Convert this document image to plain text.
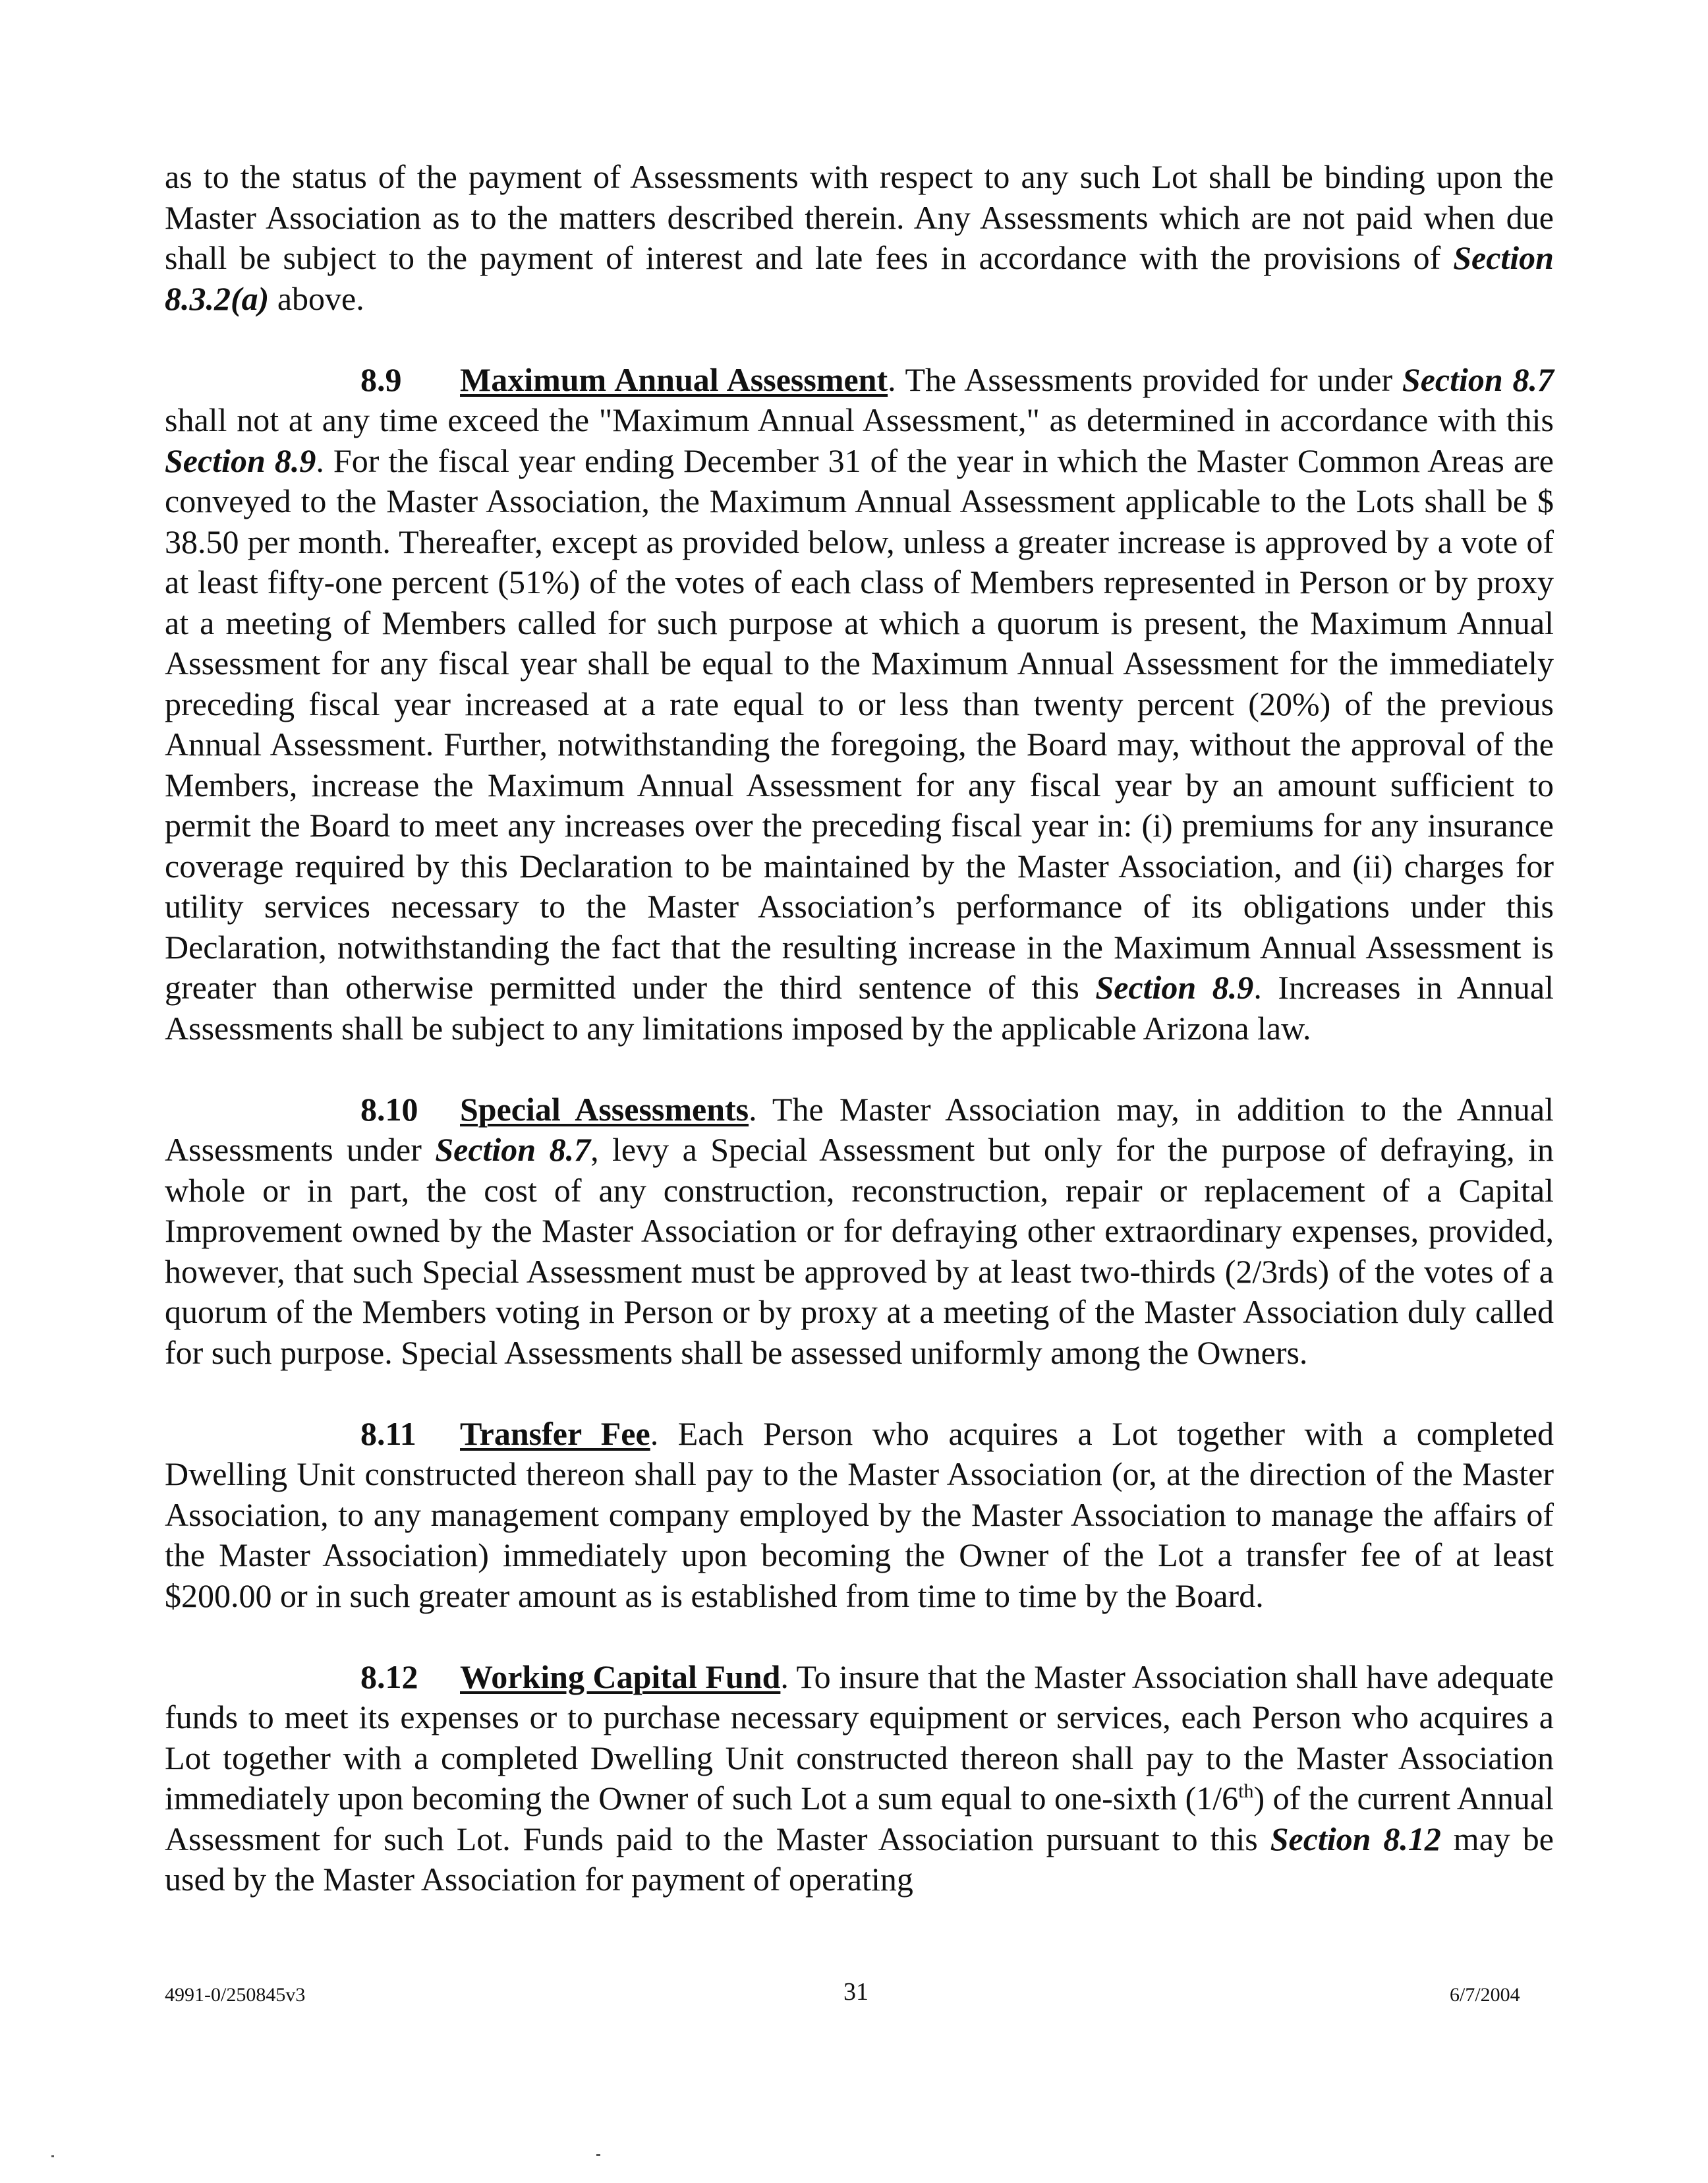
as to the status of the payment of Assessments with respect to any such Lot shall be binding upon the Master Association as to the matters described therein. Any Assessments which are not paid when due shall be subject to the payment of interest and late fees in accordance with the provisions of Section 8.3.2(a) above.

8.9 Maximum Annual Assessment. The Assessments provided for under Section 8.7 shall not at any time exceed the "Maximum Annual Assessment," as determined in accordance with this Section 8.9. For the fiscal year ending December 31 of the year in which the Master Common Areas are conveyed to the Master Association, the Maximum Annual Assessment applicable to the Lots shall be $ 38.50 per month. Thereafter, except as provided below, unless a greater increase is approved by a vote of at least fifty-one percent (51%) of the votes of each class of Members represented in Person or by proxy at a meeting of Members called for such purpose at which a quorum is present, the Maximum Annual Assessment for any fiscal year shall be equal to the Maximum Annual Assessment for the immediately preceding fiscal year increased at a rate equal to or less than twenty percent (20%) of the previous Annual Assessment. Further, notwithstanding the foregoing, the Board may, without the approval of the Members, increase the Maximum Annual Assessment for any fiscal year by an amount sufficient to permit the Board to meet any increases over the preceding fiscal year in: (i) premiums for any insurance coverage required by this Declaration to be maintained by the Master Association, and (ii) charges for utility services necessary to the Master Association’s performance of its obligations under this Declaration, notwithstanding the fact that the resulting increase in the Maximum Annual Assessment is greater than otherwise permitted under the third sentence of this Section 8.9. Increases in Annual Assessments shall be subject to any limitations imposed by the applicable Arizona law.

8.10 Special Assessments. The Master Association may, in addition to the Annual Assessments under Section 8.7, levy a Special Assessment but only for the purpose of defraying, in whole or in part, the cost of any construction, reconstruction, repair or replacement of a Capital Improvement owned by the Master Association or for defraying other extraordinary expenses, provided, however, that such Special Assessment must be approved by at least two-thirds (2/3rds) of the votes of a quorum of the Members voting in Person or by proxy at a meeting of the Master Association duly called for such purpose. Special Assessments shall be assessed uniformly among the Owners.

8.11 Transfer Fee. Each Person who acquires a Lot together with a completed Dwelling Unit constructed thereon shall pay to the Master Association (or, at the direction of the Master Association, to any management company employed by the Master Association to manage the affairs of the Master Association) immediately upon becoming the Owner of the Lot a transfer fee of at least $200.00 or in such greater amount as is established from time to time by the Board.

8.12 Working Capital Fund. To insure that the Master Association shall have adequate funds to meet its expenses or to purchase necessary equipment or services, each Person who acquires a Lot together with a completed Dwelling Unit constructed thereon shall pay to the Master Association immediately upon becoming the Owner of such Lot a sum equal to one-sixth (1/6th) of the current Annual Assessment for such Lot. Funds paid to the Master Association pursuant to this Section 8.12 may be used by the Master Association for payment of operating

4991-0/250845v3	31	6/7/2004
